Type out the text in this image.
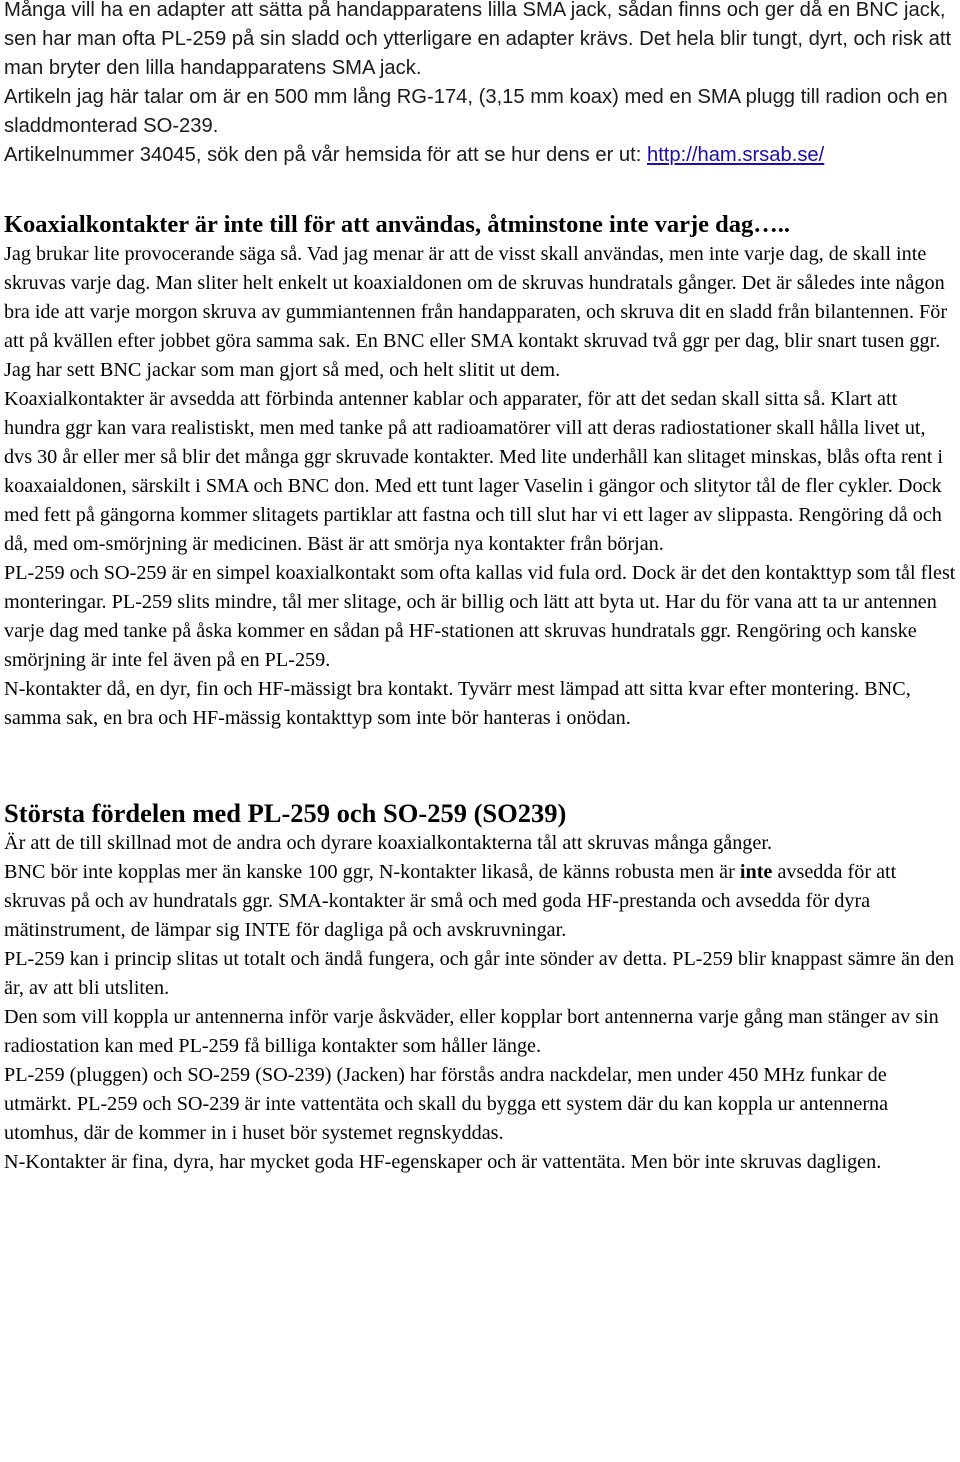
Många vill ha en adapter att sätta på handapparatens lilla SMA jack, sådan finns och ger då en BNC jack, sen har man ofta PL-259 på sin sladd och ytterligare en adapter krävs. Det hela blir tungt, dyrt, och risk att man bryter den lilla handapparatens SMA jack.

Artikeln jag här talar om är en 500 mm lång RG-174, (3,15 mm koax) med en SMA plugg till radion och en sladdmonterad SO-239.

Artikelnummer 34045, sök den på vår hemsida för att se hur dens er ut: http://ham.srsab.se/

Koaxialkontakter är inte till för att användas, åtminstone inte varje dag…..

Jag brukar lite provocerande säga så. Vad jag menar är att de visst skall användas, men inte varje dag, de skall inte skruvas varje dag. Man sliter helt enkelt ut koaxialdonen om de skruvas hundratals gånger. Det är således inte någon bra ide att varje morgon skruva av gummiantennen från handapparaten, och skruva dit en sladd från bilantennen. För att på kvällen efter jobbet göra samma sak. En BNC eller SMA kontakt skruvad två ggr per dag, blir snart tusen ggr. Jag har sett BNC jackar som man gjort så med, och helt slitit ut dem.

Koaxialkontakter är avsedda att förbinda antenner kablar och apparater, för att det sedan skall sitta så. Klart att hundra ggr kan vara realistiskt, men med tanke på att radioamatörer vill att deras radiostationer skall hålla livet ut, dvs 30 år eller mer så blir det många ggr skruvade kontakter. Med lite underhåll kan slitaget minskas, blås ofta rent i koaxaialdonen, särskilt i SMA och BNC don. Med ett tunt lager Vaselin i gängor och slitytor tål de fler cykler. Dock med fett på gängorna kommer slitagets partiklar att fastna och till slut har vi ett lager av slippasta. Rengöring då och då, med om-smörjning är medicinen. Bäst är att smörja nya kontakter från början.

PL-259 och SO-259 är en simpel koaxialkontakt som ofta kallas vid fula ord. Dock är det den kontakttyp som tål flest monteringar. PL-259 slits mindre, tål mer slitage, och är billig och lätt att byta ut. Har du för vana att ta ur antennen varje dag med tanke på åska kommer en sådan på HF-stationen att skruvas hundratals ggr. Rengöring och kanske smörjning är inte fel även på en PL-259.

N-kontakter då, en dyr, fin och HF-mässigt bra kontakt. Tyvärr mest lämpad att sitta kvar efter montering. BNC, samma sak, en bra och HF-mässig kontakttyp som inte bör hanteras i onödan.

Största fördelen med PL-259 och SO-259 (SO239)

Är att de till skillnad mot de andra och dyrare koaxialkontakterna tål att skruvas många gånger.

BNC bör inte kopplas mer än kanske 100 ggr, N-kontakter likaså, de känns robusta men är inte avsedda för att skruvas på och av hundratals ggr. SMA-kontakter är små och med goda HF-prestanda och avsedda för dyra mätinstrument, de lämpar sig INTE för dagliga på och avskruvningar.

PL-259 kan i princip slitas ut totalt och ändå fungera, och går inte sönder av detta. PL-259 blir knappast sämre än den är, av att bli utsliten.

Den som vill koppla ur antennerna inför varje åskväder, eller kopplar bort antennerna varje gång man stänger av sin radiostation kan med PL-259 få billiga kontakter som håller länge.

PL-259 (pluggen) och SO-259 (SO-239) (Jacken) har förstås andra nackdelar, men under 450 MHz funkar de utmärkt. PL-259 och SO-239 är inte vattentäta och skall du bygga ett system där du kan koppla ur antennerna utomhus, där de kommer in i huset bör systemet regnskyddas.

N-Kontakter är fina, dyra, har mycket goda HF-egenskaper och är vattentäta. Men bör inte skruvas dagligen.
